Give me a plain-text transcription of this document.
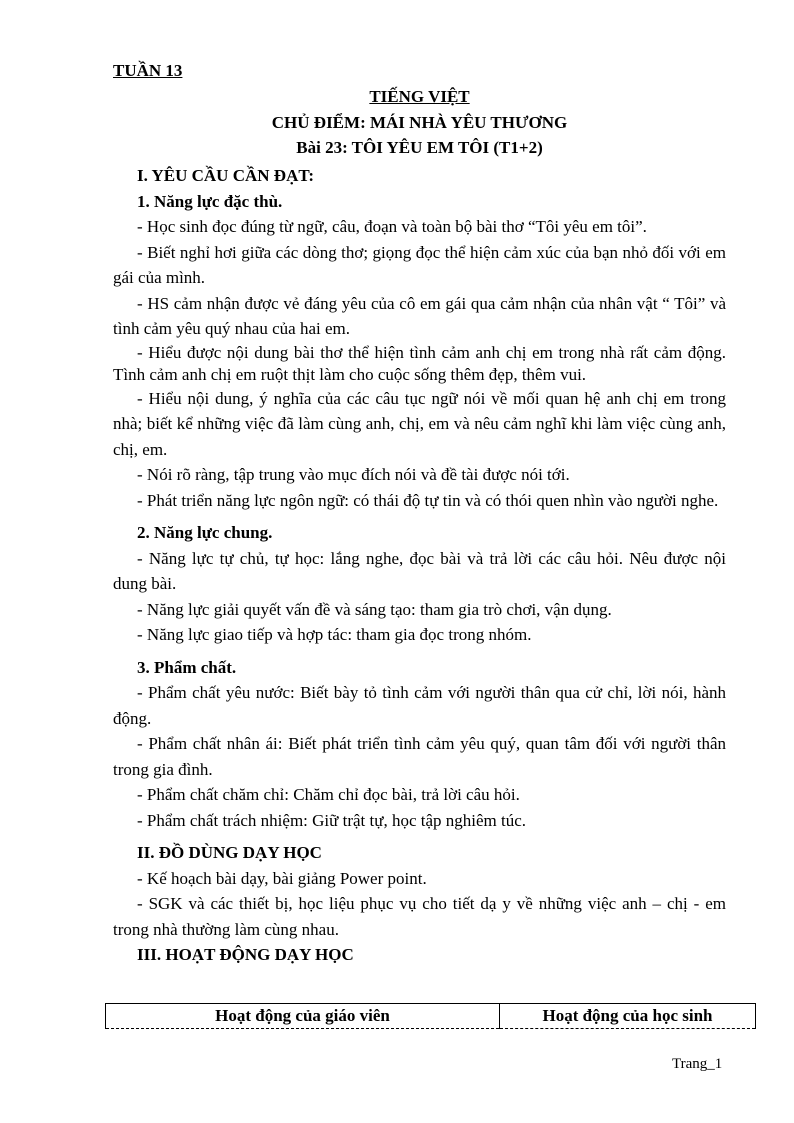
TUẦN 13
TIẾNG VIỆT
CHỦ ĐIỂM: MÁI NHÀ YÊU THƯƠNG
Bài 23: TÔI YÊU EM TÔI (T1+2)

I. YÊU CẦU CẦN ĐẠT:

1. Năng lực đặc thù.

- Học sinh đọc đúng từ ngữ, câu, đoạn và toàn bộ bài thơ “Tôi yêu em tôi”.

- Biết nghỉ hơi giữa các dòng thơ; giọng đọc thể hiện cảm xúc của bạn nhỏ đối với em gái của mình.

- HS cảm nhận được vẻ đáng yêu của cô em gái qua cảm nhận của nhân vật “ Tôi” và tình cảm yêu quý nhau của hai em.

- Hiểu được nội dung bài thơ thể hiện tình cảm anh chị em trong nhà rất cảm động. Tình cảm anh chị em ruột thịt làm cho cuộc sống thêm đẹp, thêm vui.

- Hiểu nội dung, ý nghĩa của các câu tục ngữ nói về mối quan hệ anh chị em trong nhà; biết kể những việc đã làm cùng anh, chị, em và nêu cảm nghĩ khi làm việc cùng anh, chị, em.

- Nói rõ ràng, tập trung vào mục đích nói và đề tài được nói tới.

- Phát triển năng lực ngôn ngữ: có thái độ tự tin và có thói quen nhìn vào người nghe.

2. Năng lực chung.

- Năng lực tự chủ, tự học: lắng nghe, đọc bài và trả lời các câu hỏi. Nêu được nội dung bài.

- Năng lực giải quyết vấn đề và sáng tạo: tham gia trò chơi, vận dụng.

- Năng lực giao tiếp và hợp tác: tham gia đọc trong nhóm.

3. Phẩm chất.

- Phẩm chất yêu nước: Biết bày tỏ tình cảm với người thân qua cử chỉ, lời nói, hành động.

- Phẩm chất nhân ái: Biết phát triển tình cảm yêu quý, quan tâm đối với người thân trong gia đình.

- Phẩm chất chăm chỉ: Chăm chỉ đọc bài, trả lời câu hỏi.

- Phẩm chất trách nhiệm: Giữ trật tự, học tập nghiêm túc.

II. ĐỒ DÙNG DẠY HỌC

- Kế hoạch bài dạy, bài giảng Power point.

- SGK và các thiết bị, học liệu phục vụ cho tiết dạ y về những việc anh – chị - em trong nhà thường làm cùng nhau.

III. HOẠT ĐỘNG DẠY HỌC

Hoạt động của giáo viên	Hoạt động của học sinh
Trang_1
